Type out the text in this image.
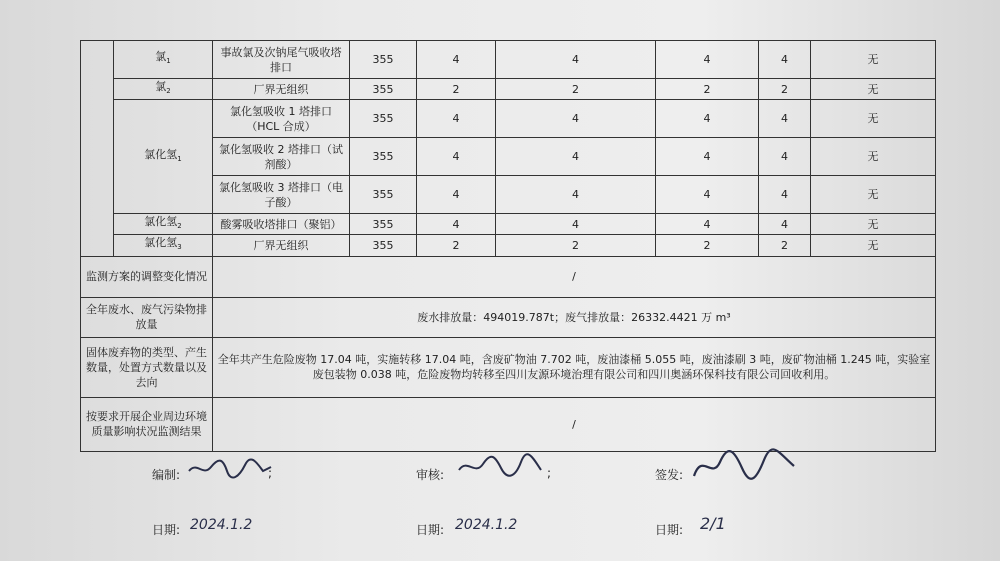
	氯$_1$	事故氯及次钠尾气吸收塔排口	355	4	4	4	4	无
	氯$_2$	厂界无组织	355	2	2	2	2	无
	氯化氢$_1$	氯化氢吸收 1 塔排口（HCL 合成）	355	4	4	4	4	无
		氯化氢吸收 2 塔排口（试剂酸）	355	4	4	4	4	无
		氯化氢吸收 3 塔排口（电子酸）	355	4	4	4	4	无
	氯化氢$_2$	酸雾吸收塔排口（聚铝）	355	4	4	4	4	无
	氯化氢$_3$	厂界无组织	355	2	2	2	2	无
监测方案的调整变化情况		/						
全年废水、废气污染物排放量		废水排放量：494019.787t；废气排放量：26332.4421 万 m³						
固体废弃物的类型、产生数量，处置方式数量以及去向		全年共产生危险废物 17.04 吨，实施转移 17.04 吨，含废矿物油 7.702 吨，废油漆桶 5.055 吨，废油漆刷 3 吨，废矿物油桶 1.245 吨，实验室废包装物 0.038 吨，危险废物均转移至四川友源环境治理有限公司和四川奥涵环保科技有限公司回收利用。						
按要求开展企业周边环境质量影响状况监测结果		/						
编制:	;	审核:	;	签发:
日期: 2024.1.2	日期: 2024.1.2	日期: 2/1
